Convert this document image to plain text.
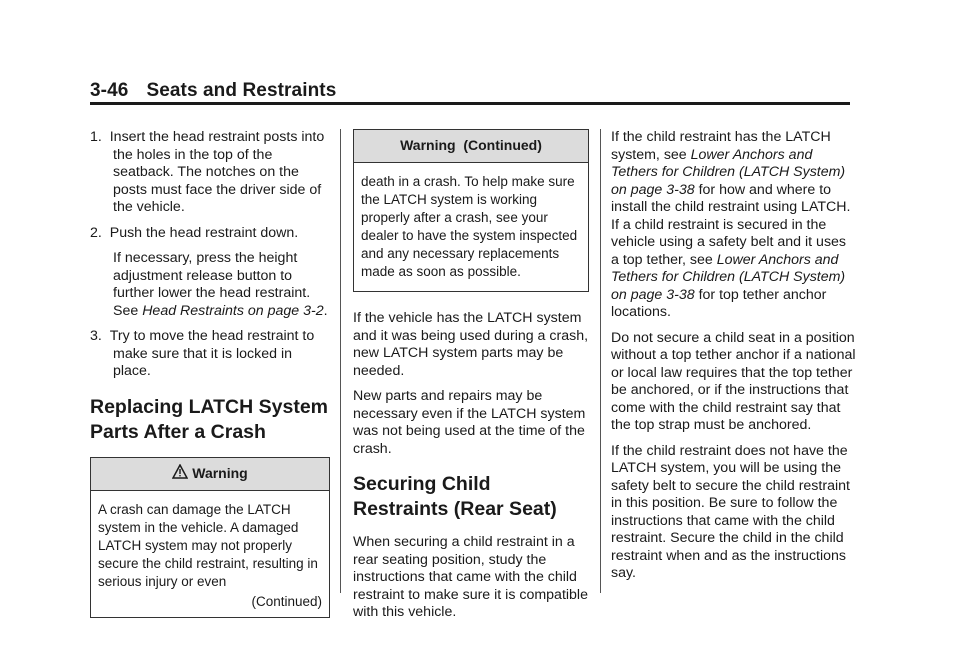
3-46 Seats and Restraints
1. Insert the head restraint posts into the holes in the top of the seatback. The notches on the posts must face the driver side of the vehicle.
2. Push the head restraint down.
If necessary, press the height adjustment release button to further lower the head restraint. See Head Restraints on page 3-2.
3. Try to move the head restraint to make sure that it is locked in place.
Replacing LATCH System Parts After a Crash
Warning

A crash can damage the LATCH system in the vehicle. A damaged LATCH system may not properly secure the child restraint, resulting in serious injury or even

(Continued)

Warning  (Continued)

death in a crash. To help make sure the LATCH system is working properly after a crash, see your dealer to have the system inspected and any necessary replacements made as soon as possible.

If the vehicle has the LATCH system and it was being used during a crash, new LATCH system parts may be needed.

New parts and repairs may be necessary even if the LATCH system was not being used at the time of the crash.

Securing Child Restraints (Rear Seat)

When securing a child restraint in a rear seating position, study the instructions that came with the child restraint to make sure it is compatible with this vehicle.

If the child restraint has the LATCH system, see Lower Anchors and Tethers for Children (LATCH System) on page 3-38 for how and where to install the child restraint using LATCH. If a child restraint is secured in the vehicle using a safety belt and it uses a top tether, see Lower Anchors and Tethers for Children (LATCH System) on page 3-38 for top tether anchor locations.

Do not secure a child seat in a position without a top tether anchor if a national or local law requires that the top tether be anchored, or if the instructions that come with the child restraint say that the top strap must be anchored.

If the child restraint does not have the LATCH system, you will be using the safety belt to secure the child restraint in this position. Be sure to follow the instructions that came with the child restraint. Secure the child in the child restraint when and as the instructions say.
